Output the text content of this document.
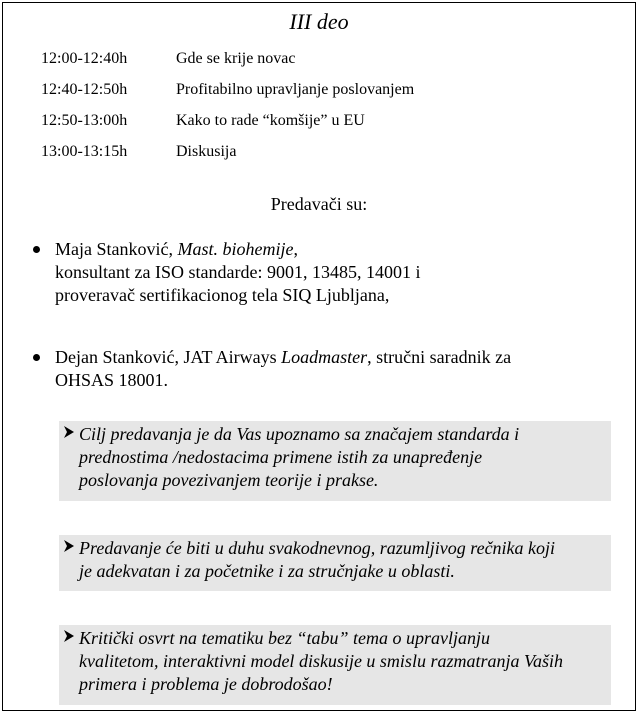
III deo
12:00-12:40h	Gde se krije novac
12:40-12:50h	Profitabilno upravljanje poslovanjem
12:50-13:00h	Kako to rade “komšije” u EU
13:00-13:15h	Diskusija
Predavači su:
Maja Stanković, Mast. biohemije,
konsultant za ISO standarde: 9001, 13485, 14001 i
proveravač sertifikacionog tela SIQ Ljubljana,
Dejan Stanković, JAT Airways Loadmaster, stručni saradnik za
OHSAS 18001.
Cilj predavanja je da Vas upoznamo sa značajem standarda i
prednostima /nedostacima primene istih za unapređenje
poslovanja povezivanjem teorije i prakse.
Predavanje će biti u duhu svakodnevnog, razumljivog rečnika koji
je adekvatan i za početnike i za stručnjake u oblasti.
Kritički osvrt na tematiku bez “tabu” tema o upravljanju
kvalitetom, interaktivni model diskusije u smislu razmatranja Vaših
primera i problema je dobrodošao!
